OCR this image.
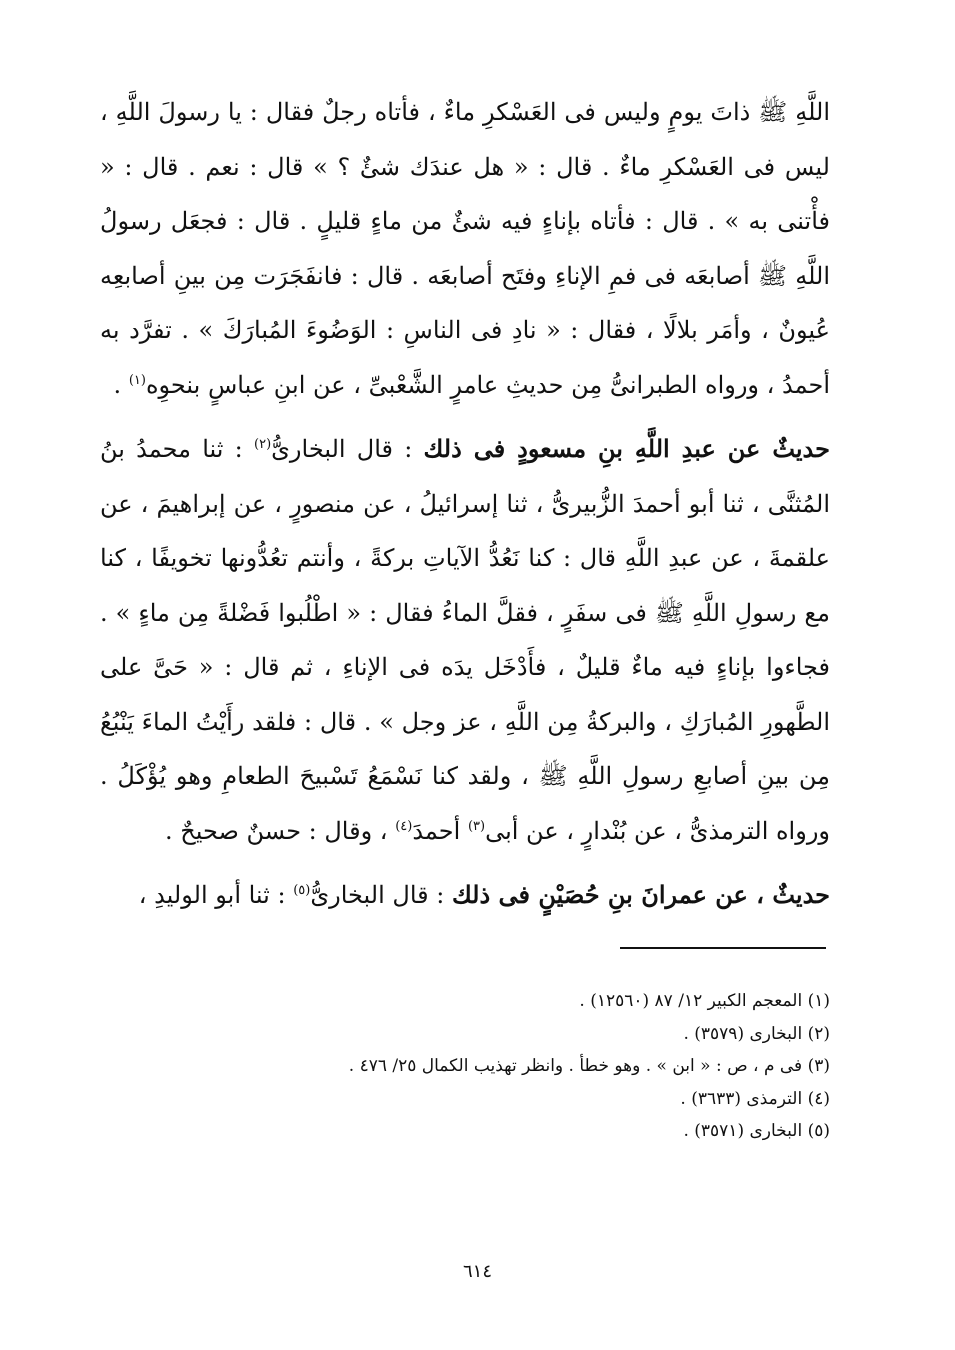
اللَّهِ ﷺ ذاتَ يومٍ وليس فى العَسْكرِ ماءٌ ، فأتاه رجلٌ فقال : يا رسولَ اللَّهِ ، ليس فى العَسْكرِ ماءٌ . قال : « هل عندَك شئٌ ؟ » قال : نعم . قال : « فأْتنى به » . قال : فأتاه بإناءٍ فيه شئٌ من ماءٍ قليلٍ . قال : فجعَل رسولُ اللَّهِ ﷺ أصابعَه فى فمِ الإناءِ وفتَح أصابعَه . قال : فانفَجَرَت مِن بينِ أصابعِه عُيونٌ ، وأمَر بلالًا ، فقال : « نادِ فى الناسِ : الوَضُوءَ المُبارَكَ » . تفرَّد به أحمدُ ، ورواه الطبرانىُّ مِن حديثِ عامرٍ الشَّعْبىِّ ، عن ابنِ عباسٍ بنحوِه$^{(١)}$ .

حديثٌ عن عبدِ اللَّهِ بنِ مسعودٍ فى ذلك : قال البخارىُّ$^{(٢)}$ : ثنا محمدُ بنُ المُثنَّى ، ثنا أبو أحمدَ الزُّبيرىُّ ، ثنا إسرائيلُ ، عن منصورٍ ، عن إبراهيمَ ، عن علقمةَ ، عن عبدِ اللَّهِ قال : كنا نَعُدُّ الآياتِ بركةً ، وأنتم تعُدُّونها تخويفًا ، كنا مع رسولِ اللَّهِ ﷺ فى سفَرٍ ، فقلَّ الماءُ فقال : « اطْلُبوا فَضْلةً مِن ماءٍ » . فجاءوا بإناءٍ فيه ماءٌ قليلٌ ، فأَدْخَل يدَه فى الإناءِ ، ثم قال : « حَىَّ على الطَّهورِ المُبارَكِ ، والبركةُ مِن اللَّهِ ، عز وجل » . قال : فلقد رأَيْتُ الماءَ يَنْبُعُ مِن بينِ أصابعِ رسولِ اللَّهِ ﷺ ، ولقد كنا نَسْمَعُ تَسْبيحَ الطعامِ وهو يُؤْكَلُ . ورواه الترمذىُّ ، عن بُنْدارٍ ، عن أبى$^{(٣)}$ أحمدَ$^{(٤)}$ ، وقال : حسنٌ صحيحٌ .

حديثٌ ، عن عمرانَ بنِ حُصَيْنٍ فى ذلك : قال البخارىُّ$^{(٥)}$ : ثنا أبو الوليدِ ،

(١) المعجم الكبير ١٢/ ٨٧ (١٢٥٦٠) .
(٢) البخارى (٣٥٧٩) .
(٣) فى م ، ص : « ابن » . وهو خطأ . وانظر تهذيب الكمال ٢٥/ ٤٧٦ .
(٤) الترمذى (٣٦٣٣) .
(٥) البخارى (٣٥٧١) .
٦١٤
